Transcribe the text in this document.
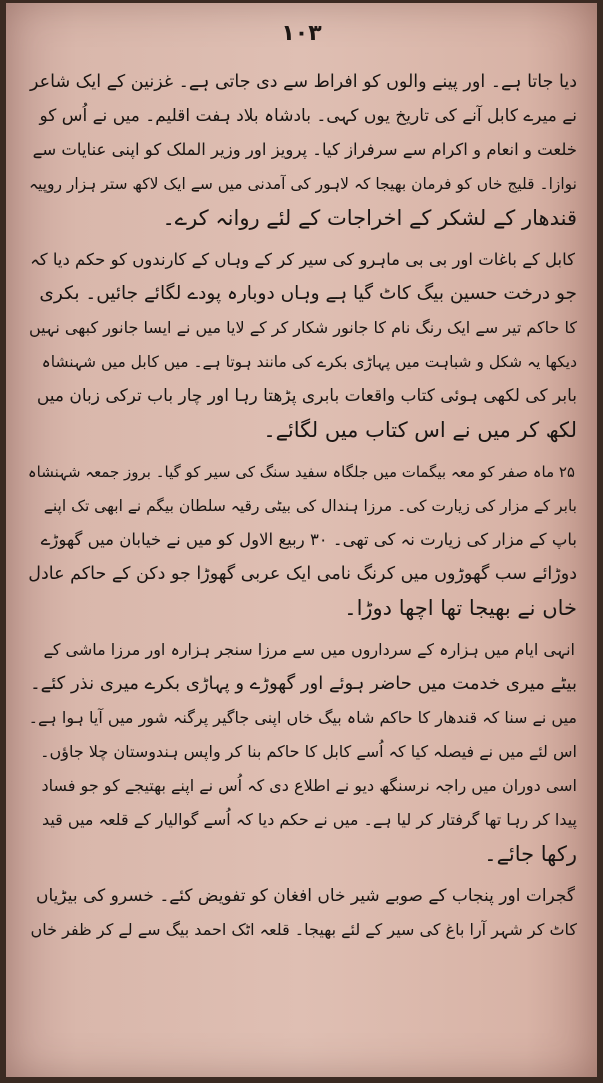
۱۰۳
دیا جاتا ہے۔ اور پینے والوں کو افراط سے دی جاتی ہے۔ غزنین کے ایک شاعر
نے میرے کابل آنے کی تاریخ یوں کہی۔ بادشاہ بلاد ہفت اقلیم۔ میں نے اُس کو
خلعت و انعام و اکرام سے سرفراز کیا۔ پرویز اور وزیر الملک کو اپنی عنایات سے
نوازا۔ قلیج خاں کو فرمان بھیجا کہ لاہور کی آمدنی میں سے ایک لاکھ ستر ہزار روپیہ
قندھار کے لشکر کے اخراجات کے لئے روانہ کرے۔
کابل کے باغات اور بی بی ماہرو کی سیر کر کے وہاں کے کارندوں کو حکم دیا کہ
جو درخت حسین بیگ کاٹ گیا ہے وہاں دوبارہ پودے لگائے جائیں۔ بکری
کا حاکم تیر سے ایک رنگ نام کا جانور شکار کر کے لایا میں نے ایسا جانور کبھی نہیں
دیکھا یہ شکل و شباہت میں پہاڑی بکرے کی مانند ہوتا ہے۔ میں کابل میں شہنشاہ
بابر کی لکھی ہوئی کتاب واقعات بابری پڑھتا رہا اور چار باب ترکی زبان میں
لکھ کر میں نے اس کتاب میں لگائے۔
۲۵ ماہ صفر کو معہ بیگمات میں جلگاہ سفید سنگ کی سیر کو گیا۔ بروز جمعہ شہنشاہ
بابر کے مزار کی زیارت کی۔ مرزا ہندال کی بیٹی رقیہ سلطان بیگم نے ابھی تک اپنے
باپ کے مزار کی زیارت نہ کی تھی۔ ۳۰ ربیع الاول کو میں نے خیابان میں گھوڑے
دوڑائے سب گھوڑوں میں کرنگ نامی ایک عربی گھوڑا جو دکن کے حاکم عادل
خاں نے بھیجا تھا اچھا دوڑا۔
انہی ایام میں ہزارہ کے سرداروں میں سے مرزا سنجر ہزارہ اور مرزا ماشی کے
بیٹے میری خدمت میں حاضر ہوئے اور گھوڑے و پہاڑی بکرے میری نذر کئے۔
میں نے سنا کہ قندھار کا حاکم شاہ بیگ خاں اپنی جاگیر پرگنہ شور میں آیا ہوا ہے۔
اس لئے میں نے فیصلہ کیا کہ اُسے کابل کا حاکم بنا کر واپس ہندوستان چلا جاؤں۔
اسی دوران میں راجہ نرسنگھ دیو نے اطلاع دی کہ اُس نے اپنے بھتیجے کو جو فساد
پیدا کر رہا تھا گرفتار کر لیا ہے۔ میں نے حکم دیا کہ اُسے گوالیار کے قلعہ میں قید
رکھا جائے۔
گجرات اور پنجاب کے صوبے شیر خاں افغان کو تفویض کئے۔ خسرو کی بیڑیاں
کاٹ کر شہر آرا باغ کی سیر کے لئے بھیجا۔ قلعہ اٹک احمد بیگ سے لے کر ظفر خاں
